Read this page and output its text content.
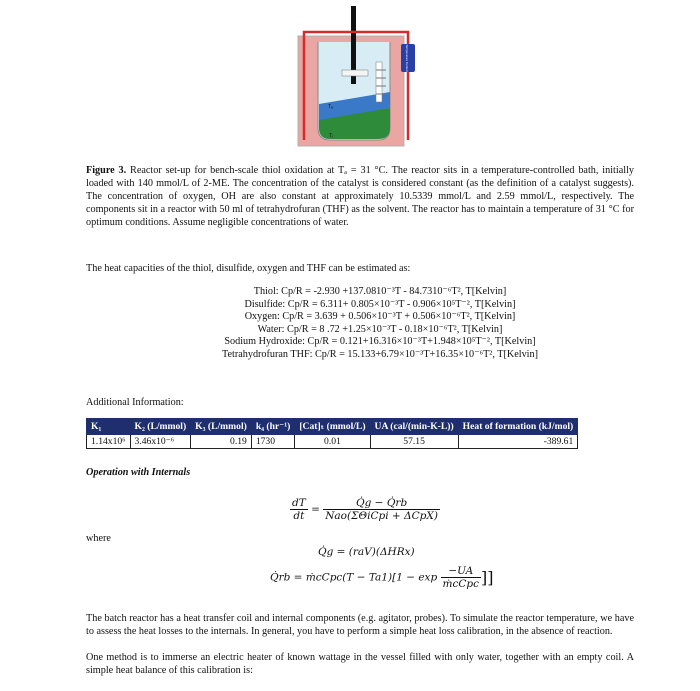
Temperature Control
Tₐ
Tⱼ
Figure 3. Reactor set-up for bench-scale thiol oxidation at Tₐ = 31 °C. The reactor sits in a temperature-controlled bath, initially loaded with 140 mmol/L of 2-ME. The concentration of the catalyst is considered constant (as the definition of a catalyst suggests). The concentration of oxygen, OH are also constant at approximately 10.5339 mmol/L and 2.59 mmol/L, respectively. The components sit in a reactor with 50 ml of tetrahydrofuran (THF) as the solvent. The reactor has to maintain a temperature of 31 °C for optimum conditions. Assume negligible concentrations of water.
The heat capacities of the thiol, disulfide, oxygen and THF can be estimated as:
Thiol: Cp/R = -2.930 +137.0810⁻³T - 84.7310⁻⁶T², T[Kelvin]
Disulfide: Cp/R = 6.311+ 0.805×10⁻³T - 0.906×10⁵T⁻², T[Kelvin]
Oxygen: Cp/R = 3.639 + 0.506×10⁻³T + 0.506×10⁻⁶T², T[Kelvin]
Water: Cp/R = 8 .72 +1.25×10⁻³T - 0.18×10⁻⁶T², T[Kelvin]
Sodium Hydroxide: Cp/R = 0.121+16.316×10⁻³T+1.948×10⁵T⁻², T[Kelvin]
Tetrahydrofuran THF: Cp/R = 15.133+6.79×10⁻³T+16.35×10⁻⁶T², T[Kelvin]
Additional Information:
K₁	K₂ (L/mmol)	K₃ (L/mmol)	k₄ (hr⁻¹)	[Cat]ₜ (mmol/L)	UA (cal/(min-K-L))	Heat of formation (kJ/mol)
1.14x10⁶	3.46x10⁻⁶	0.19	1730	0.01	57.15	-389.61
Operation with Internals
$\frac{dT}{dt} = \frac{Q̇g - Q̇rb}{\text{Nao(ΣΘiCpi + ΔCpX)}}$
where
Q̇g = (raV)(ΔHRx)
Q̇rb = ṁcCpc(T − $Ta1)[1 - \exp \frac{-UA}{\text{ṁcCpc}}$ ]]
The batch reactor has a heat transfer coil and internal components (e.g. agitator, probes). To simulate the reactor temperature, we have to assess the heat losses to the internals. In general, you have to perform a simple heat loss calibration, in the absence of reaction.
One method is to immerse an electric heater of known wattage in the vessel filled with only water, together with an empty coil. A simple heat balance of this calibration is:
